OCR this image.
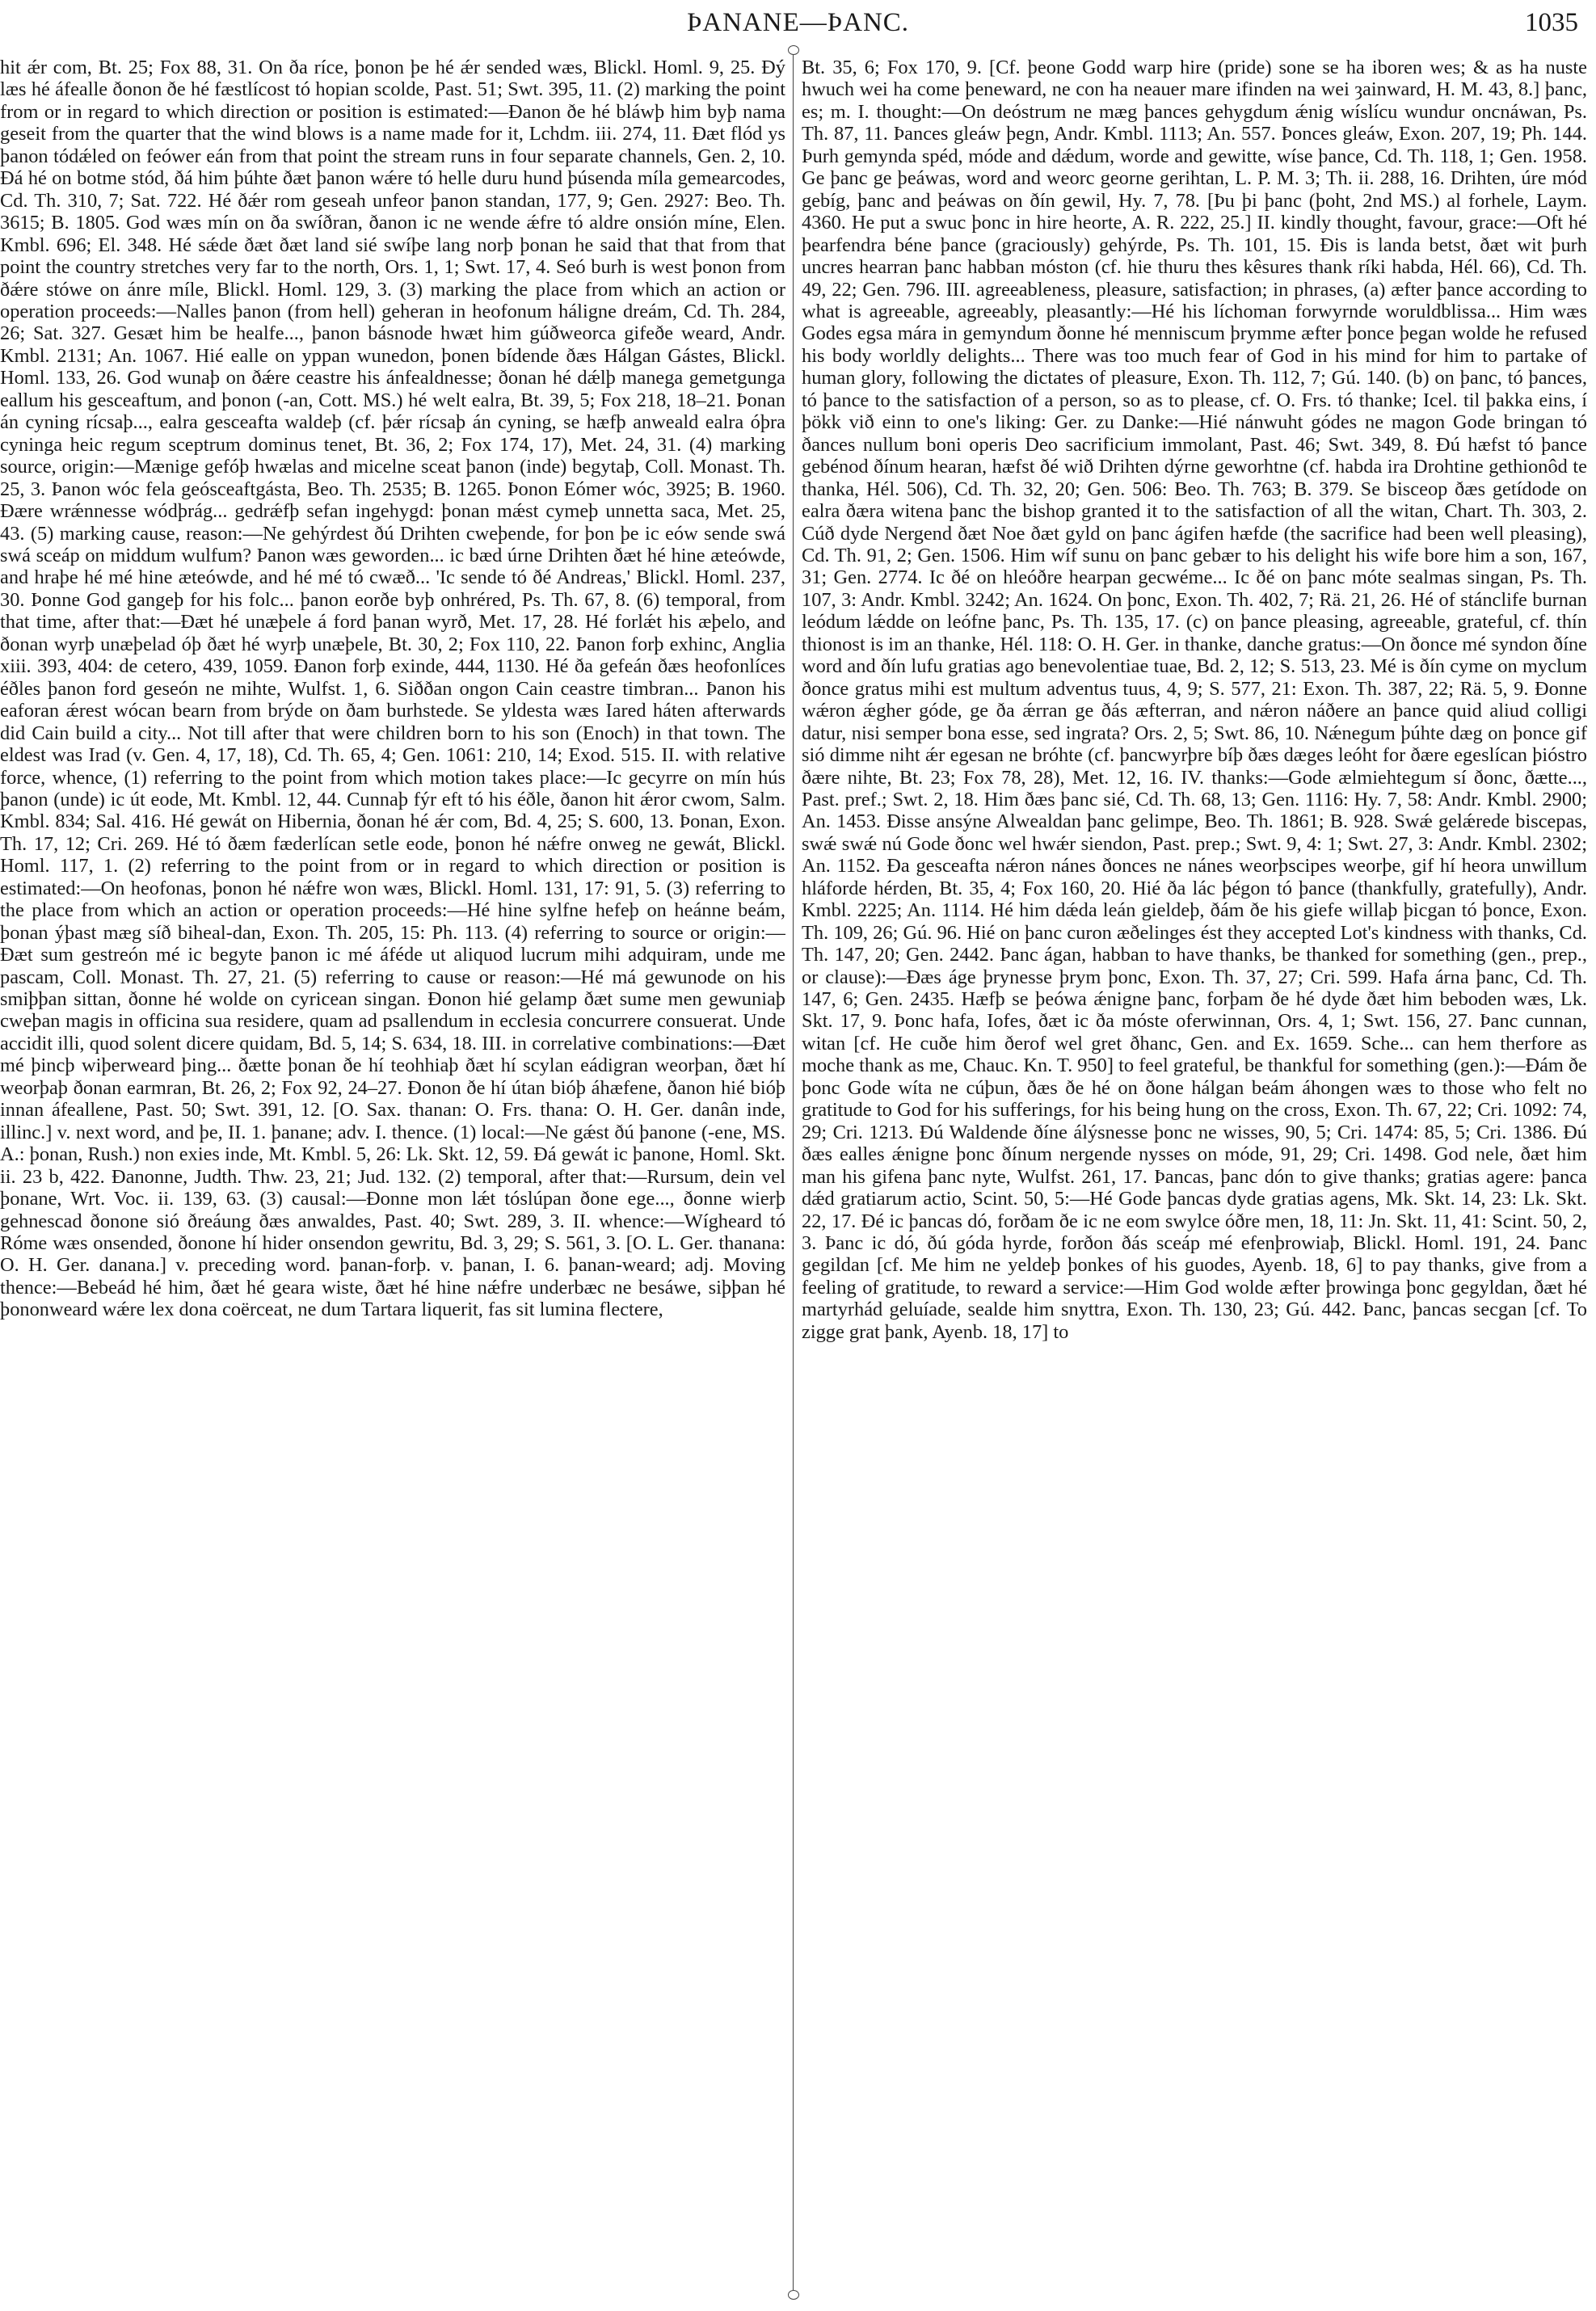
ÞANANE—ÞANC.	1035

hit ǽr com, Bt. 25; Fox 88, 31. On ða ríce, þonon þe hé ǽr sended wæs, Blickl. Homl. 9, 25. Ðý læs hé áfealle ðonon ðe hé fæstlícost tó hopian scolde, Past. 51; Swt. 395, 11. (2) marking the point from or in regard to which direction or position is estimated:—Ðanon ðe hé bláwþ him byþ nama geseit from the quarter that the wind blows is a name made for it, Lchdm. iii. 274, 11. Ðæt flód ys þanon tódǽled on feówer eán from that point the stream runs in four separate channels, Gen. 2, 10. Ðá hé on botme stód, ðá him þúhte ðæt þanon wǽre tó helle duru hund þúsenda míla gemearcodes, Cd. Th. 310, 7; Sat. 722. Hé ðǽr rom geseah unfeor þanon standan, 177, 9; Gen. 2927: Beo. Th. 3615; B. 1805. God wæs mín on ða swíðran, ðanon ic ne wende ǽfre tó aldre onsión míne, Elen. Kmbl. 696; El. 348. Hé sǽde ðæt ðæt land sié swíþe lang norþ þonan he said that that from that point the country stretches very far to the north, Ors. 1, 1; Swt. 17, 4. Seó burh is west þonon from ðǽre stówe on ánre míle, Blickl. Homl. 129, 3. (3) marking the place from which an action or operation proceeds:—Nalles þanon (from hell) geheran in heofonum háligne dreám, Cd. Th. 284, 26; Sat. 327. Gesæt him be healfe..., þanon básnode hwæt him gúðweorca gifeðe weard, Andr. Kmbl. 2131; An. 1067. Hié ealle on yppan wunedon, þonen bídende ðæs Hálgan Gástes, Blickl. Homl. 133, 26. God wunaþ on ðǽre ceastre his ánfealdnesse; ðonan hé dǽlþ manega gemetgunga eallum his gesceaftum, and þonon (-an, Cott. MS.) hé welt ealra, Bt. 39, 5; Fox 218, 18–21. Þonan án cyning rícsaþ..., ealra gesceafta waldeþ (cf. þǽr rícsaþ án cyning, se hæfþ anweald ealra óþra cyninga heic regum sceptrum dominus tenet, Bt. 36, 2; Fox 174, 17), Met. 24, 31. (4) marking source, origin:—Mænige gefóþ hwælas and micelne sceat þanon (inde) begytaþ, Coll. Monast. Th. 25, 3. Þanon wóc fela geósceaftgásta, Beo. Th. 2535; B. 1265. Þonon Eómer wóc, 3925; B. 1960. Ðære wrǽnnesse wódþrág... gedrǽfþ sefan ingehygd: þonan mǽst cymeþ unnetta saca, Met. 25, 43. (5) marking cause, reason:—Ne gehýrdest ðú Drihten cweþende, for þon þe ic eów sende swá swá sceáp on middum wulfum? Þanon wæs geworden... ic bæd úrne Drihten ðæt hé hine æteówde, and hraþe hé mé hine æteówde, and hé mé tó cwæð... 'Ic sende tó ðé Andreas,' Blickl. Homl. 237, 30. Þonne God gangeþ for his folc... þanon eorðe byþ onhréred, Ps. Th. 67, 8. (6) temporal, from that time, after that:—Ðæt hé unæþele á ford þanan wyrð, Met. 17, 28. Hé forlǽt his æþelo, and ðonan wyrþ unæþelad óþ ðæt hé wyrþ unæþele, Bt. 30, 2; Fox 110, 22. Þanon forþ exhinc, Anglia xiii. 393, 404: de cetero, 439, 1059. Ðanon forþ exinde, 444, 1130. Hé ða gefeán ðæs heofonlíces éðles þanon ford geseón ne mihte, Wulfst. 1, 6. Siððan ongon Cain ceastre timbran... Þanon his eaforan ǽrest wócan bearn from brýde on ðam burhstede. Se yldesta wæs Iared háten afterwards did Cain build a city... Not till after that were children born to his son (Enoch) in that town. The eldest was Irad (v. Gen. 4, 17, 18), Cd. Th. 65, 4; Gen. 1061: 210, 14; Exod. 515. II. with relative force, whence, (1) referring to the point from which motion takes place:—Ic gecyrre on mín hús þanon (unde) ic út eode, Mt. Kmbl. 12, 44. Cunnaþ fýr eft tó his éðle, ðanon hit ǽror cwom, Salm. Kmbl. 834; Sal. 416. Hé gewát on Hibernia, ðonan hé ǽr com, Bd. 4, 25; S. 600, 13. Þonan, Exon. Th. 17, 12; Cri. 269. Hé tó ðæm fæderlícan setle eode, þonon hé nǽfre onweg ne gewát, Blickl. Homl. 117, 1. (2) referring to the point from or in regard to which direction or position is estimated:—On heofonas, þonon hé nǽfre won wæs, Blickl. Homl. 131, 17: 91, 5. (3) referring to the place from which an action or operation proceeds:—Hé hine sylfne hefeþ on heánne beám, þonan ýþast mæg síð biheal-dan, Exon. Th. 205, 15: Ph. 113. (4) referring to source or origin:—Ðæt sum gestreón mé ic begyte þanon ic mé áféde ut aliquod lucrum mihi adquiram, unde me pascam, Coll. Monast. Th. 27, 21. (5) referring to cause or reason:—Hé má gewunode on his smiþþan sittan, ðonne hé wolde on cyricean singan. Ðonon hié gelamp ðæt sume men gewuniaþ cweþan magis in officina sua residere, quam ad psallendum in ecclesia concurrere consuerat. Unde accidit illi, quod solent dicere quidam, Bd. 5, 14; S. 634, 18. III. in correlative combinations:—Ðæt mé þincþ wiþerweard þing... ðætte þonan ðe hí teohhiaþ ðæt hí scylan eádigran weorþan, ðæt hí weorþaþ ðonan earmran, Bt. 26, 2; Fox 92, 24–27. Ðonon ðe hí útan bióþ áhæfene, ðanon hié bióþ innan áfeallene, Past. 50; Swt. 391, 12. [O. Sax. thanan: O. Frs. thana: O. H. Ger. danân inde, illinc.] v. next word, and þe, II. 1. þanane; adv. I. thence. (1) local:—Ne gǽst ðú þanone (-ene, MS. A.: þonan, Rush.) non exies inde, Mt. Kmbl. 5, 26: Lk. Skt. 12, 59. Ðá gewát ic þanone, Homl. Skt. ii. 23 b, 422. Ðanonne, Judth. Thw. 23, 21; Jud. 132. (2) temporal, after that:—Rursum, dein vel þonane, Wrt. Voc. ii. 139, 63. (3) causal:—Ðonne mon lǽt tóslúpan ðone ege..., ðonne wierþ gehnescad ðonone sió ðreáung ðæs anwaldes, Past. 40; Swt. 289, 3. II. whence:—Wígheard tó Róme wæs onsended, ðonone hí hider onsendon gewritu, Bd. 3, 29; S. 561, 3. [O. L. Ger. thanana: O. H. Ger. danana.] v. preceding word. þanan-forþ. v. þanan, I. 6. þanan-weard; adj. Moving thence:—Bebeád hé him, ðæt hé geara wiste, ðæt hé hine nǽfre underbæc ne besáwe, siþþan hé þononweard wǽre lex dona coërceat, ne dum Tartara liquerit, fas sit lumina flectere,

Bt. 35, 6; Fox 170, 9. [Cf. þeone Godd warp hire (pride) sone se ha iboren wes; & as ha nuste hwuch wei ha come þeneward, ne con ha neauer mare ifinden na wei ȝainward, H. M. 43, 8.] þanc, es; m. I. thought:—On deóstrum ne mæg þances gehygdum ǽnig wíslícu wundur oncnáwan, Ps. Th. 87, 11. Þances gleáw þegn, Andr. Kmbl. 1113; An. 557. Þonces gleáw, Exon. 207, 19; Ph. 144. Þurh gemynda spéd, móde and dǽdum, worde and gewitte, wíse þance, Cd. Th. 118, 1; Gen. 1958. Ge þanc ge þeáwas, word and weorc georne gerihtan, L. P. M. 3; Th. ii. 288, 16. Drihten, úre mód gebíg, þanc and þeáwas on ðín gewil, Hy. 7, 78. [Þu þi þanc (þoht, 2nd MS.) al forhele, Laym. 4360. He put a swuc þonc in hire heorte, A. R. 222, 25.] II. kindly thought, favour, grace:—Oft hé þearfendra béne þance (graciously) gehýrde, Ps. Th. 101, 15. Ðis is landa betst, ðæt wit þurh uncres hearran þanc habban móston (cf. hie thuru thes kêsures thank ríki habda, Hél. 66), Cd. Th. 49, 22; Gen. 796. III. agreeableness, pleasure, satisfaction; in phrases, (a) æfter þance according to what is agreeable, agreeably, pleasantly:—Hé his líchoman forwyrnde woruldblissa... Him wæs Godes egsa mára in gemyndum ðonne hé menniscum þrymme æfter þonce þegan wolde he refused his body worldly delights... There was too much fear of God in his mind for him to partake of human glory, following the dictates of pleasure, Exon. Th. 112, 7; Gú. 140. (b) on þanc, tó þances, tó þance to the satisfaction of a person, so as to please, cf. O. Frs. tó thanke; Icel. til þakka eins, í þökk við einn to one's liking: Ger. zu Danke:—Hié nánwuht gódes ne magon Gode bringan tó ðances nullum boni operis Deo sacrificium immolant, Past. 46; Swt. 349, 8. Ðú hæfst tó þance gebénod ðínum hearan, hæfst ðé wið Drihten dýrne geworhtne (cf. habda ira Drohtine gethionôd te thanka, Hél. 506), Cd. Th. 32, 20; Gen. 506: Beo. Th. 763; B. 379. Se bisceop ðæs getídode on ealra ðæra witena þanc the bishop granted it to the satisfaction of all the witan, Chart. Th. 303, 2. Cúð dyde Nergend ðæt Noe ðæt gyld on þanc ágifen hæfde (the sacrifice had been well pleasing), Cd. Th. 91, 2; Gen. 1506. Him wíf sunu on þanc gebær to his delight his wife bore him a son, 167, 31; Gen. 2774. Ic ðé on hleóðre hearpan gecwéme... Ic ðé on þanc móte sealmas singan, Ps. Th. 107, 3: Andr. Kmbl. 3242; An. 1624. On þonc, Exon. Th. 402, 7; Rä. 21, 26. Hé of stánclife burnan leódum lǽdde on leófne þanc, Ps. Th. 135, 17. (c) on þance pleasing, agreeable, grateful, cf. thín thionost is im an thanke, Hél. 118: O. H. Ger. in thanke, danche gratus:—On ðonce mé syndon ðíne word and ðín lufu gratias ago benevolentiae tuae, Bd. 2, 12; S. 513, 23. Mé is ðín cyme on myclum ðonce gratus mihi est multum adventus tuus, 4, 9; S. 577, 21: Exon. Th. 387, 22; Rä. 5, 9. Ðonne wǽron ǽgher góde, ge ða ǽrran ge ðás æfterran, and nǽron náðere an þance quid aliud colligi datur, nisi semper bona esse, sed ingrata? Ors. 2, 5; Swt. 86, 10. Nǽnegum þúhte dæg on þonce gif sió dimme niht ǽr egesan ne bróhte (cf. þancwyrþre bíþ ðæs dæges leóht for ðære egeslícan þióstro ðære nihte, Bt. 23; Fox 78, 28), Met. 12, 16. IV. thanks:—Gode ælmiehtegum sí ðonc, ðætte..., Past. pref.; Swt. 2, 18. Him ðæs þanc sié, Cd. Th. 68, 13; Gen. 1116: Hy. 7, 58: Andr. Kmbl. 2900; An. 1453. Ðisse ansýne Alwealdan þanc gelimpe, Beo. Th. 1861; B. 928. Swǽ gelǽrede biscepas, swǽ swǽ nú Gode ðonc wel hwǽr siendon, Past. prep.; Swt. 9, 4: 1; Swt. 27, 3: Andr. Kmbl. 2302; An. 1152. Ða gesceafta nǽron nánes ðonces ne nánes weorþscipes weorþe, gif hí heora unwillum hláforde hérden, Bt. 35, 4; Fox 160, 20. Hié ða lác þégon tó þance (thankfully, gratefully), Andr. Kmbl. 2225; An. 1114. Hé him dǽda leán gieldeþ, ðám ðe his giefe willaþ þicgan tó þonce, Exon. Th. 109, 26; Gú. 96. Hié on þanc curon æðelinges ést they accepted Lot's kindness with thanks, Cd. Th. 147, 20; Gen. 2442. Þanc ágan, habban to have thanks, be thanked for something (gen., prep., or clause):—Ðæs áge þrynesse þrym þonc, Exon. Th. 37, 27; Cri. 599. Hafa árna þanc, Cd. Th. 147, 6; Gen. 2435. Hæfþ se þeówa ǽnigne þanc, forþam ðe hé dyde ðæt him beboden wæs, Lk. Skt. 17, 9. Þonc hafa, Iofes, ðæt ic ða móste oferwinnan, Ors. 4, 1; Swt. 156, 27. Þanc cunnan, witan [cf. He cuðe him ðerof wel gret ðhanc, Gen. and Ex. 1659. Sche... can hem therfore as moche thank as me, Chauc. Kn. T. 950] to feel grateful, be thankful for something (gen.):—Ðám ðe þonc Gode wíta ne cúþun, ðæs ðe hé on ðone hálgan beám áhongen wæs to those who felt no gratitude to God for his sufferings, for his being hung on the cross, Exon. Th. 67, 22; Cri. 1092: 74, 29; Cri. 1213. Ðú Waldende ðíne álýsnesse þonc ne wisses, 90, 5; Cri. 1474: 85, 5; Cri. 1386. Ðú ðæs ealles ǽnigne þonc ðínum nergende nysses on móde, 91, 29; Cri. 1498. God nele, ðæt him man his gifena þanc nyte, Wulfst. 261, 17. Þancas, þanc dón to give thanks; gratias agere: þanca dǽd gratiarum actio, Scint. 50, 5:—Hé Gode þancas dyde gratias agens, Mk. Skt. 14, 23: Lk. Skt. 22, 17. Ðé ic þancas dó, forðam ðe ic ne eom swylce óðre men, 18, 11: Jn. Skt. 11, 41: Scint. 50, 2, 3. Þanc ic dó, ðú góda hyrde, forðon ðás sceáp mé efenþrowiaþ, Blickl. Homl. 191, 24. Þanc gegildan [cf. Me him ne yeldeþ þonkes of his guodes, Ayenb. 18, 6] to pay thanks, give from a feeling of gratitude, to reward a service:—Him God wolde æfter þrowinga þonc gegyldan, ðæt hé martyrhád geluíade, sealde him snyttra, Exon. Th. 130, 23; Gú. 442. Þanc, þancas secgan [cf. To zigge grat þank, Ayenb. 18, 17] to
